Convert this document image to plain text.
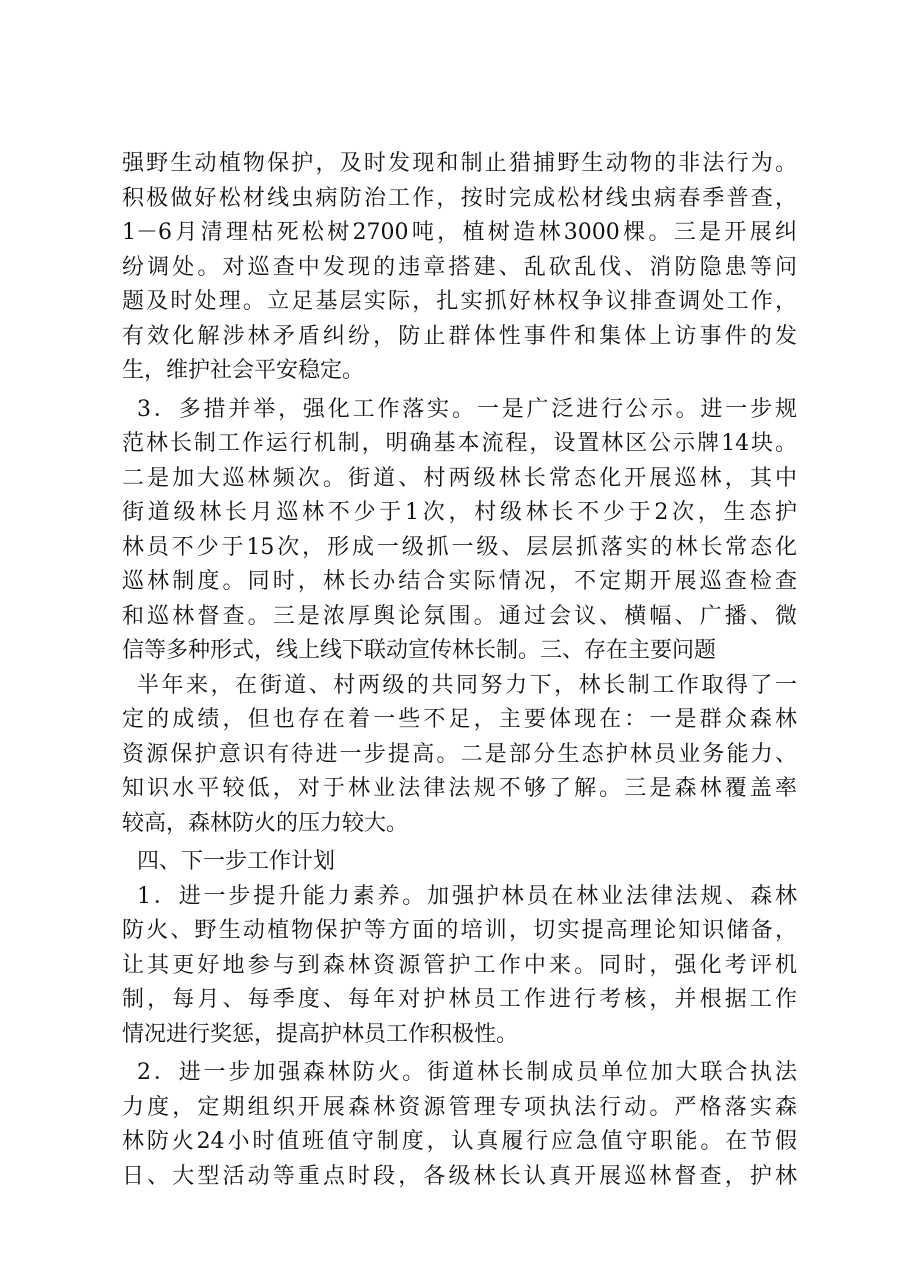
强野生动植物保护，及时发现和制止猎捕野生动物的非法行为。
积极做好松材线虫病防治工作，按时完成松材线虫病春季普查，
1－6月清理枯死松树2700吨，植树造林3000棵。三是开展纠
纷调处。对巡查中发现的违章搭建、乱砍乱伐、消防隐患等问
题及时处理。立足基层实际，扎实抓好林权争议排查调处工作，
有效化解涉林矛盾纠纷，防止群体性事件和集体上访事件的发
生，维护社会平安稳定。
3．多措并举，强化工作落实。一是广泛进行公示。进一步规
范林长制工作运行机制，明确基本流程，设置林区公示牌14块。
二是加大巡林频次。街道、村两级林长常态化开展巡林，其中
街道级林长月巡林不少于1次，村级林长不少于2次，生态护
林员不少于15次，形成一级抓一级、层层抓落实的林长常态化
巡林制度。同时，林长办结合实际情况，不定期开展巡查检查
和巡林督查。三是浓厚舆论氛围。通过会议、横幅、广播、微
信等多种形式，线上线下联动宣传林长制。三、存在主要问题
半年来，在街道、村两级的共同努力下，林长制工作取得了一
定的成绩，但也存在着一些不足，主要体现在：一是群众森林
资源保护意识有待进一步提高。二是部分生态护林员业务能力、
知识水平较低，对于林业法律法规不够了解。三是森林覆盖率
较高，森林防火的压力较大。
四、下一步工作计划
1．进一步提升能力素养。加强护林员在林业法律法规、森林
防火、野生动植物保护等方面的培训，切实提高理论知识储备，
让其更好地参与到森林资源管护工作中来。同时，强化考评机
制，每月、每季度、每年对护林员工作进行考核，并根据工作
情况进行奖惩，提高护林员工作积极性。
2．进一步加强森林防火。街道林长制成员单位加大联合执法
力度，定期组织开展森林资源管理专项执法行动。严格落实森
林防火24小时值班值守制度，认真履行应急值守职能。在节假
日、大型活动等重点时段，各级林长认真开展巡林督查，护林
